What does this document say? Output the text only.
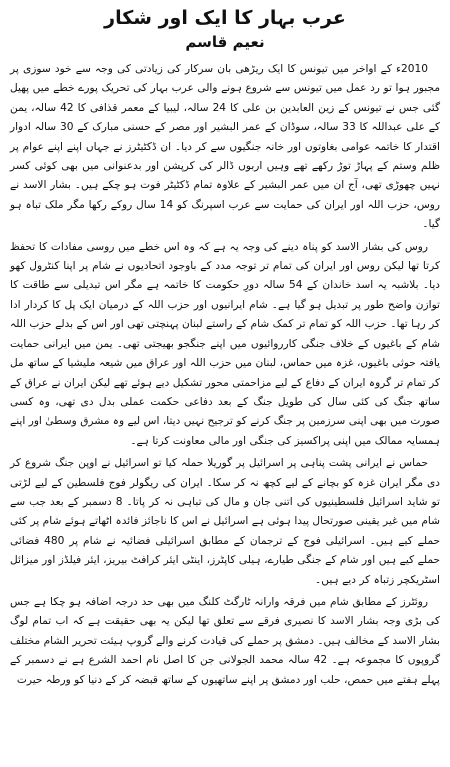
عرب بہار کا ایک اور شکار
نعیم قاسم

2010ء کے اواخر میں تیونس کا ایک ریڑھی بان سرکار کی زیادتی کی وجہ سے خود سوزی پر مجبور ہوا تو رد عمل میں تیونس سے شروع ہونے والی عرب بہار کی تحریک پورے خطے میں پھیل گئی جس نے تیونس کے زین العابدین بن علی کا 24 سالہ، لیبیا کے معمر قذافی کا 42 سالہ، یمن کے علی عبداللہ کا 33 سالہ، سوڈان کے عمر البشیر اور مصر کے حسنی مبارک کے 30 سالہ ادوار اقتدار کا خاتمہ عوامی بغاوتوں اور خانہ جنگیوں سے کر دیا۔ ان ڈکٹیٹرز نے جہاں اپنے اپنے عوام پر ظلم وستم کے پہاڑ توڑ رکھے تھے وہیں اربوں ڈالر کی کرپشن اور بدعنوانی میں بھی کوئی کسر نہیں چھوڑی تھی، آج ان میں عمر البشیر کے علاوہ تمام ڈکٹیٹر فوت ہو چکے ہیں۔ بشار الاسد نے روس، حزب اللہ اور ایران کی حمایت سے عرب اسپرنگ کو 14 سال روکے رکھا مگر ملک تباہ ہو گیا۔

روس کی بشار الاسد کو پناہ دینے کی وجہ یہ ہے کہ وہ اس خطے میں روسی مفادات کا تحفظ کرتا تھا لیکن روس اور ایران کی تمام تر توجہ مدد کے باوجود اتحادیوں نے شام پر اپنا کنٹرول کھو دیا۔ بلاشبہ یہ اسد خاندان کے 54 سالہ دورِ حکومت کا خاتمہ ہے مگر اس تبدیلی سے طاقت کا توازن واضح طور پر تبدیل ہو گیا ہے۔ شام ایرانیوں اور حزب اللہ کے درمیان ایک پل کا کردار ادا کر رہا تھا۔ حزب اللہ کو تمام تر کمک شام کے راستے لبنان پہنچتی تھی اور اس کے بدلے حزب اللہ شام کے باغیوں کے خلاف جنگی کارروائیوں میں اپنے جنگجو بھیجتی تھی۔ یمن میں ایرانی حمایت یافتہ حوثی باغیوں، غزہ میں حماس، لبنان میں حزب اللہ اور عراق میں شیعہ ملیشیا کے ساتھ مل کر تمام تر گروہ ایران کے دفاع کے لیے مزاحمتی محور تشکیل دیے ہوئے تھے لیکن ایران نے عراق کے ساتھ جنگ کی کئی سال کی طویل جنگ کے بعد دفاعی حکمت عملی بدل دی تھی، وہ کسی صورت میں بھی اپنی سرزمین پر جنگ کرنے کو ترجیح نہیں دیتا، اس لیے وہ مشرق وسطیٰ اور اپنے ہمسایہ ممالک میں اپنی پراکسیز کی جنگی اور مالی معاونت کرتا ہے۔

حماس نے ایرانی پشت پناہی پر اسرائیل پر گوریلا حملہ کیا تو اسرائیل نے اوپن جنگ شروع کر دی مگر ایران غزہ کو بچانے کے لیے کچھ نہ کر سکا۔ ایران کی ریگولر فوج فلسطین کے لیے لڑتی تو شاید اسرائیل فلسطینیوں کی اتنی جان و مال کی تباہی نہ کر پاتا۔ 8 دسمبر کے بعد جب سے شام میں غیر یقینی صورتحال پیدا ہوئی ہے اسرائیل نے اس کا ناجائز فائدہ اٹھاتے ہوئے شام پر کئی حملے کیے ہیں۔ اسرائیلی فوج کے ترجمان کے مطابق اسرائیلی فضائیہ نے شام پر 480 فضائی حملے کیے ہیں اور شام کے جنگی طیارے، ہیلی کاپٹرز، اینٹی ایئر کرافٹ بیریز، ایئر فیلڈز اور میزائل اسٹریکچر زتباہ کر دیے ہیں۔

روئٹرز کے مطابق شام میں فرقہ وارانہ ٹارگٹ کلنگ میں بھی حد درجہ اضافہ ہو چکا ہے جس کی بڑی وجہ بشار الاسد کا نصیری فرقے سے تعلق تھا لیکن یہ بھی حقیقت ہے کہ اب تمام لوگ بشار الاسد کے مخالف ہیں۔ دمشق پر حملے کی قیادت کرنے والے گروپ ہیئت تحریر الشام مختلف گروپوں کا مجموعہ ہے۔ 42 سالہ محمد الجولانی جن کا اصل نام احمد الشرع ہے نے دسمبر کے پہلے ہفتے میں حمص، حلب اور دمشق پر اپنے ساتھیوں کے ساتھ قبضہ کر کے دنیا کو ورطہ حیرت
